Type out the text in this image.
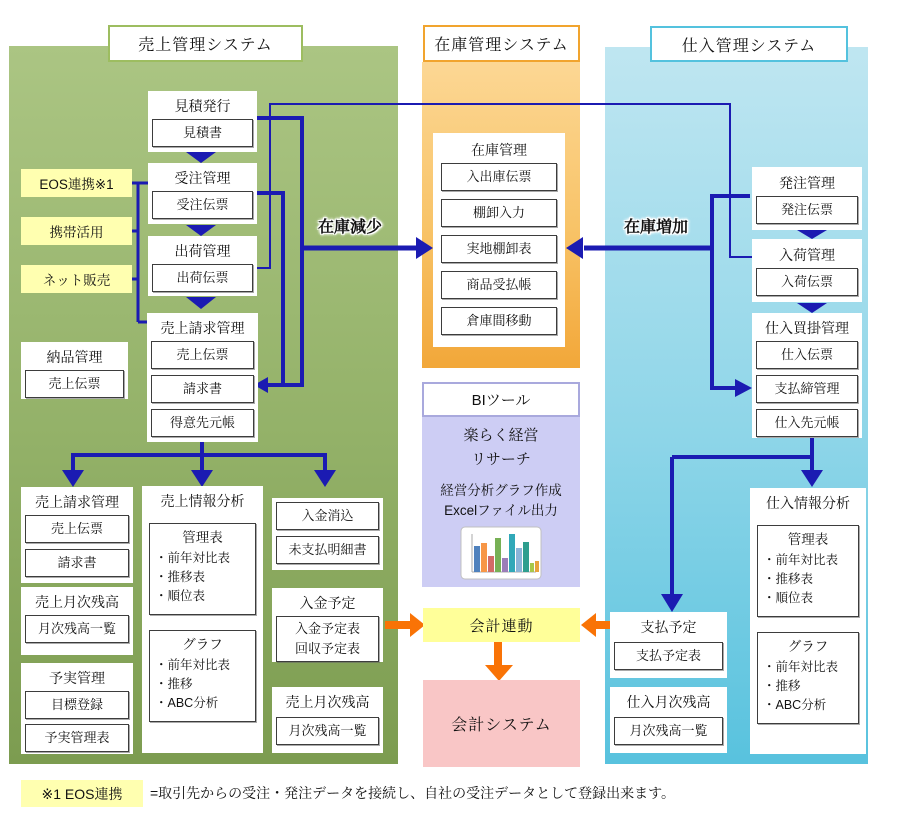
売上管理システム	在庫管理システム	仕入管理システム
EOS連携※1
携帯活用
ネット販売
見積発行
見積書
受注管理
受注伝票
出荷管理
出荷伝票
売上請求管理
売上伝票
請求書
得意先元帳
納品管理
売上伝票
売上請求管理
売上伝票
請求書
売上月次残高
月次残高一覧
予実管理
目標登録
予実管理表
売上情報分析
管理表
・前年対比表
・推移表
・順位表
グラフ
・前年対比表
・推移
・ABC分析
入金消込
未支払明細書
入金予定
入金予定表
回収予定表
売上月次残高
月次残高一覧
在庫管理
入出庫伝票
棚卸入力
実地棚卸表
商品受払帳
倉庫間移動
BIツール
楽らく経営
リサーチ
経営分析グラフ作成
Excelファイル出力
会計連動
会計システム
発注管理
発注伝票
入荷管理
入荷伝票
仕入買掛管理
仕入伝票
支払締管理
仕入先元帳
支払予定
支払予定表
仕入月次残高
月次残高一覧
仕入情報分析
管理表
・前年対比表
・推移表
・順位表
グラフ
・前年対比表
・推移
・ABC分析
在庫減少	在庫増加
※1 EOS連携 =取引先からの受注・発注データを接続し、自社の受注データとして登録出来ます。
